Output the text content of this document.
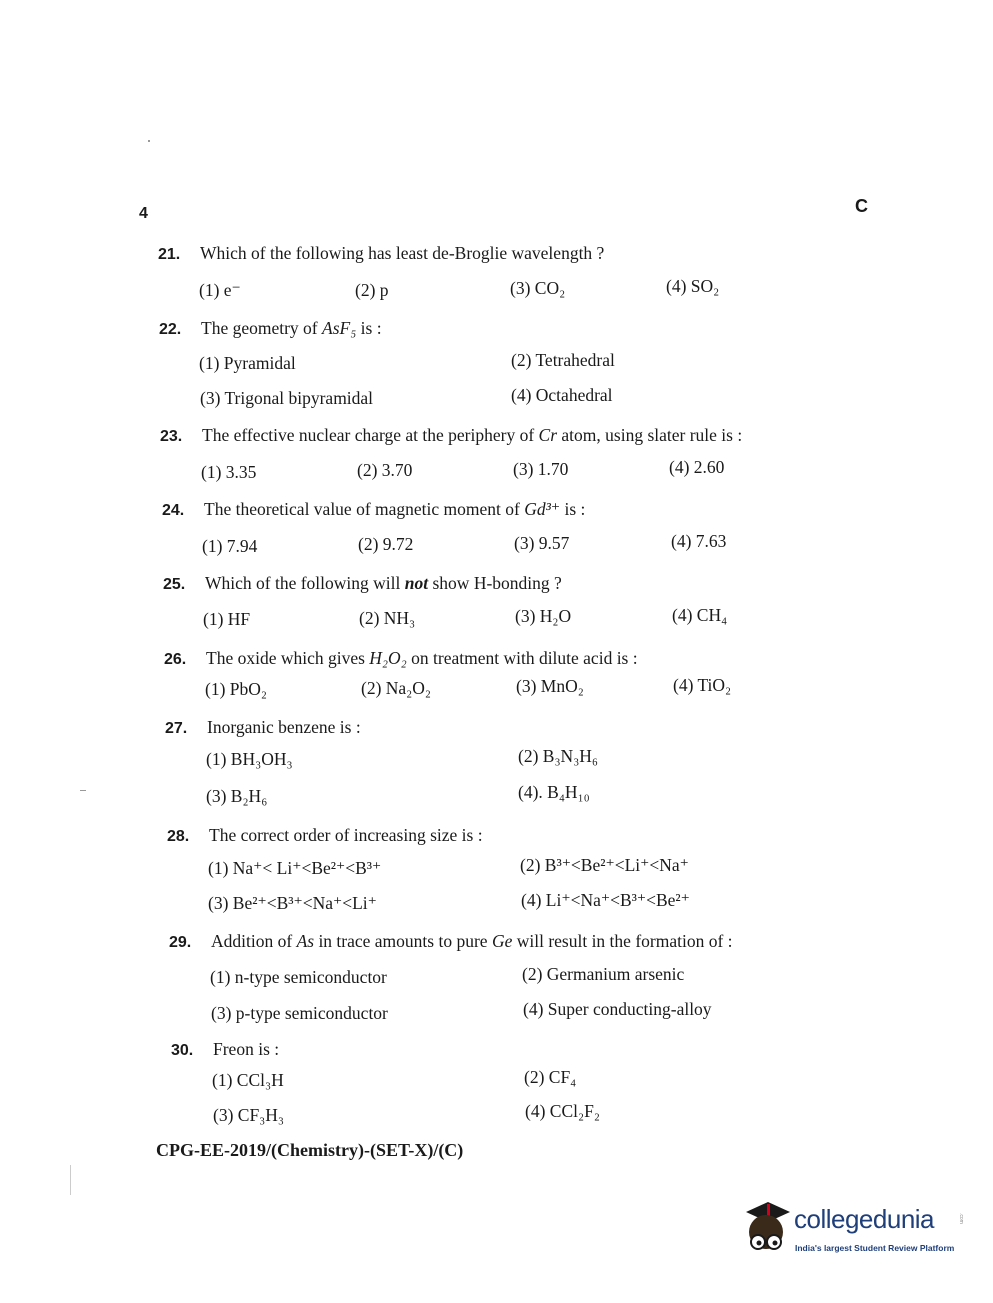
4	C
21. Which of the following has least de-Broglie wavelength ?
(1) e⁻	(2) p	(3) CO₂	(4) SO₂
22. The geometry of AsF₅ is :
(1) Pyramidal	(2) Tetrahedral
(3) Trigonal bipyramidal	(4) Octahedral
23. The effective nuclear charge at the periphery of Cr atom, using slater rule is :
(1) 3.35	(2) 3.70	(3) 1.70	(4) 2.60
24. The theoretical value of magnetic moment of Gd³⁺ is :
(1) 7.94	(2) 9.72	(3) 9.57	(4) 7.63
25. Which of the following will not show H-bonding ?
(1) HF	(2) NH₃	(3) H₂O	(4) CH₄
26. The oxide which gives H₂O₂ on treatment with dilute acid is :
(1) PbO₂	(2) Na₂O₂	(3) MnO₂	(4) TiO₂
27. Inorganic benzene is :
(1) BH₃OH₃	(2) B₃N₃H₆
(3) B₂H₆	(4). B₄H₁₀
28. The correct order of increasing size is :
(1) Na⁺< Li⁺<Be²⁺<B³⁺	(2) B³⁺<Be²⁺<Li⁺<Na⁺
(3) Be²⁺<B³⁺<Na⁺<Li⁺	(4) Li⁺<Na⁺<B³⁺<Be²⁺
29. Addition of As in trace amounts to pure Ge will result in the formation of :
(1) n-type semiconductor	(2) Germanium arsenic
(3) p-type semiconductor	(4) Super conducting-alloy
30. Freon is :
(1) CCl₃H	(2) CF₄
(3) CF₃H₃	(4) CCl₂F₂
CPG-EE-2019/(Chemistry)-(SET-X)/(C)
collegedunia	.com
India's largest Student Review Platform
